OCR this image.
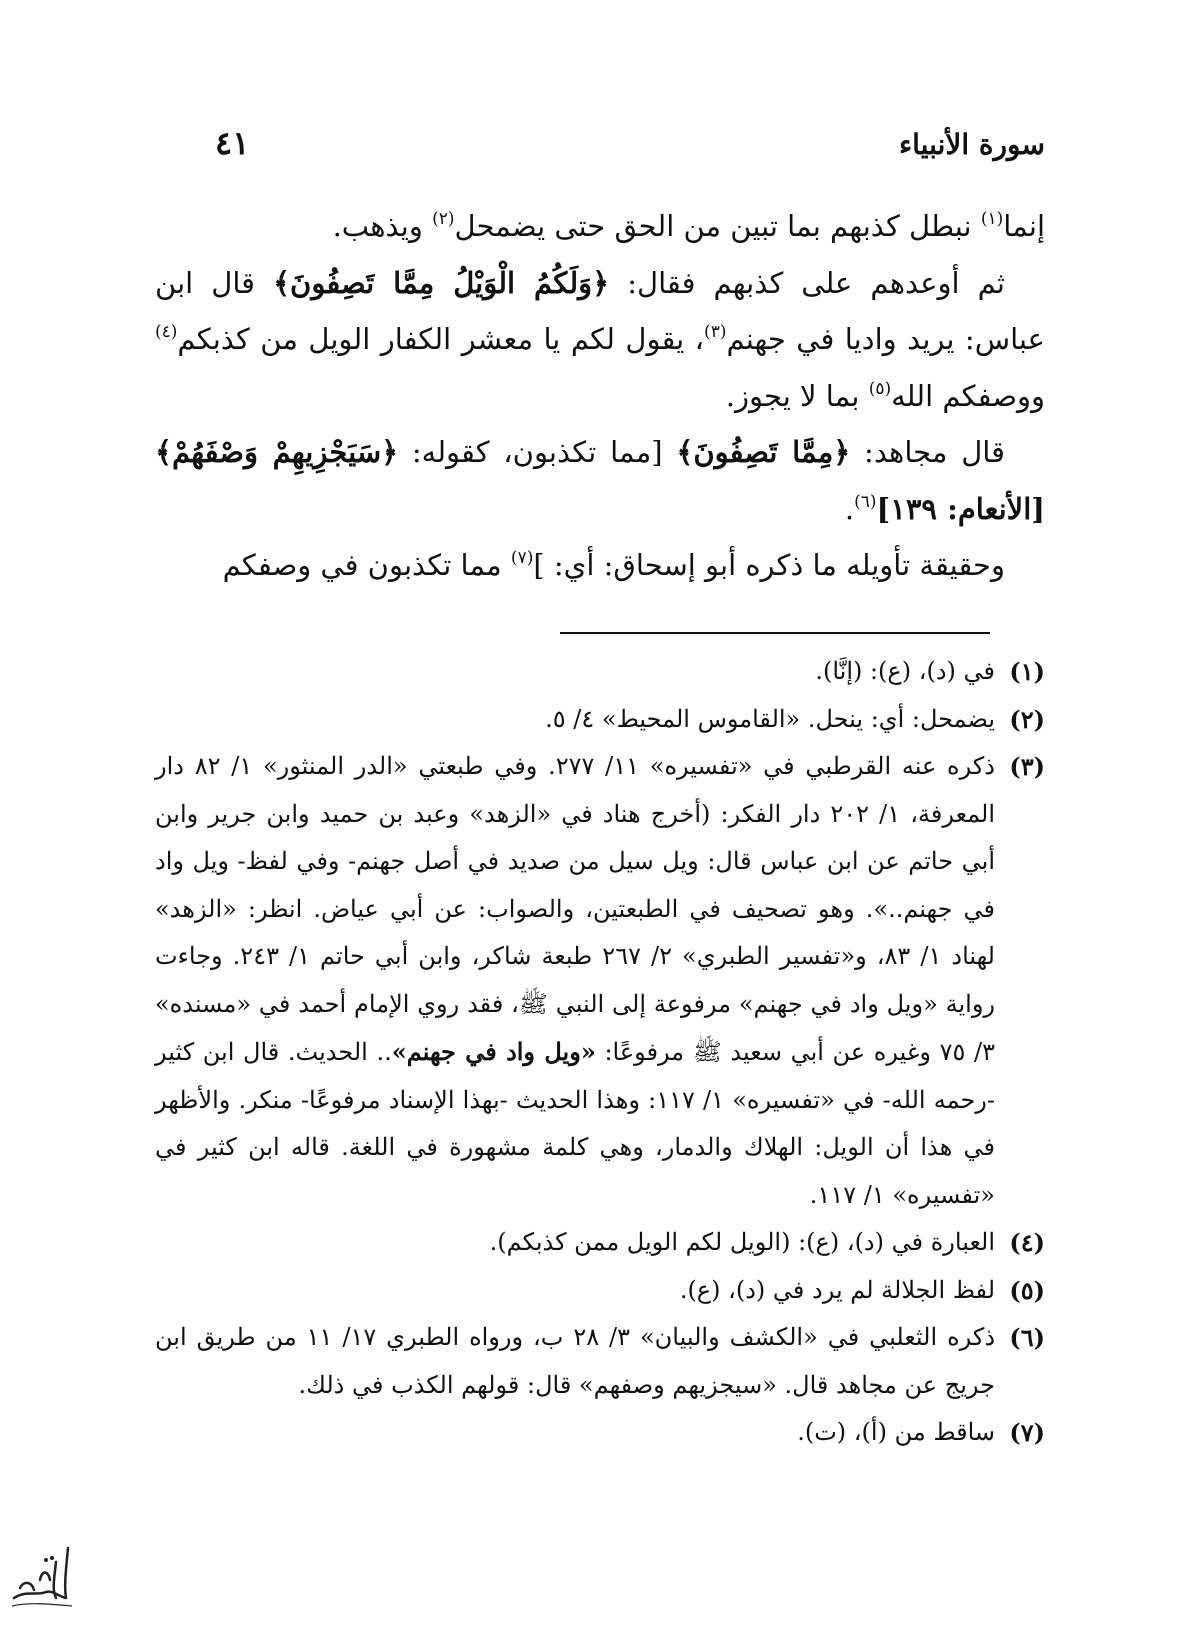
سورة الأنبياء
٤١

إنما$^{(١)}$ نبطل كذبهم بما تبين من الحق حتى يضمحل$^{(٢)}$ ويذهب.

ثم أوعدهم على كذبهم فقال: ﴿وَلَكُمُ الْوَيْلُ مِمَّا تَصِفُونَ﴾ قال ابن عباس: يريد واديا في جهنم$^{(٣)}$، يقول لكم يا معشر الكفار الويل من كذبكم$^{(٤)}$ ووصفكم الله$^{(٥)}$ بما لا يجوز.

قال مجاهد: ﴿مِمَّا تَصِفُونَ﴾ [مما تكذبون، كقوله: ﴿سَيَجْزِيهِمْ وَصْفَهُمْ﴾ [الأنعام: ١٣٩]$^{(٦)}$.

وحقيقة تأويله ما ذكره أبو إسحاق: أي: ]$^{(٧)}$ مما تكذبون في وصفكم

(١)
في (د)، (ع): (إنَّا).
(٢)
يضمحل: أي: ينحل. «القاموس المحيط» ٤/ ٥.
(٣)
ذكره عنه القرطبي في «تفسيره» ١١/ ٢٧٧. وفي طبعتي «الدر المنثور» ١/ ٨٢ دار المعرفة، ١/ ٢٠٢ دار الفكر: (أخرج هناد في «الزهد» وعبد بن حميد وابن جرير وابن أبي حاتم عن ابن عباس قال: ويل سيل من صديد في أصل جهنم- وفي لفظ- ويل واد في جهنم..». وهو تصحيف في الطبعتين، والصواب: عن أبي عياض. انظر: «الزهد» لهناد ١/ ٨٣، و«تفسير الطبري» ٢/ ٢٦٧ طبعة شاكر، وابن أبي حاتم ١/ ٢٤٣. وجاءت رواية «ويل واد في جهنم» مرفوعة إلى النبي ﷺ، فقد روي الإمام أحمد في «مسنده» ٣/ ٧٥ وغيره عن أبي سعيد ﷺ مرفوعًا: «ويل واد في جهنم».. الحديث. قال ابن كثير -رحمه الله- في «تفسيره» ١/ ١١٧: وهذا الحديث -بهذا الإسناد مرفوعًا- منكر. والأظهر في هذا أن الويل: الهلاك والدمار، وهي كلمة مشهورة في اللغة. قاله ابن كثير في «تفسيره» ١/ ١١٧.
(٤)
العبارة في (د)، (ع): (الويل لكم الويل ممن كذبكم).
(٥)
لفظ الجلالة لم يرد في (د)، (ع).
(٦)
ذكره الثعلبي في «الكشف والبيان» ٣/ ٢٨ ب، ورواه الطبري ١٧/ ١١ من طريق ابن جريج عن مجاهد قال. «سيجزيهم وصفهم» قال: قولهم الكذب في ذلك.
(٧)
ساقط من (أ)، (ت).
